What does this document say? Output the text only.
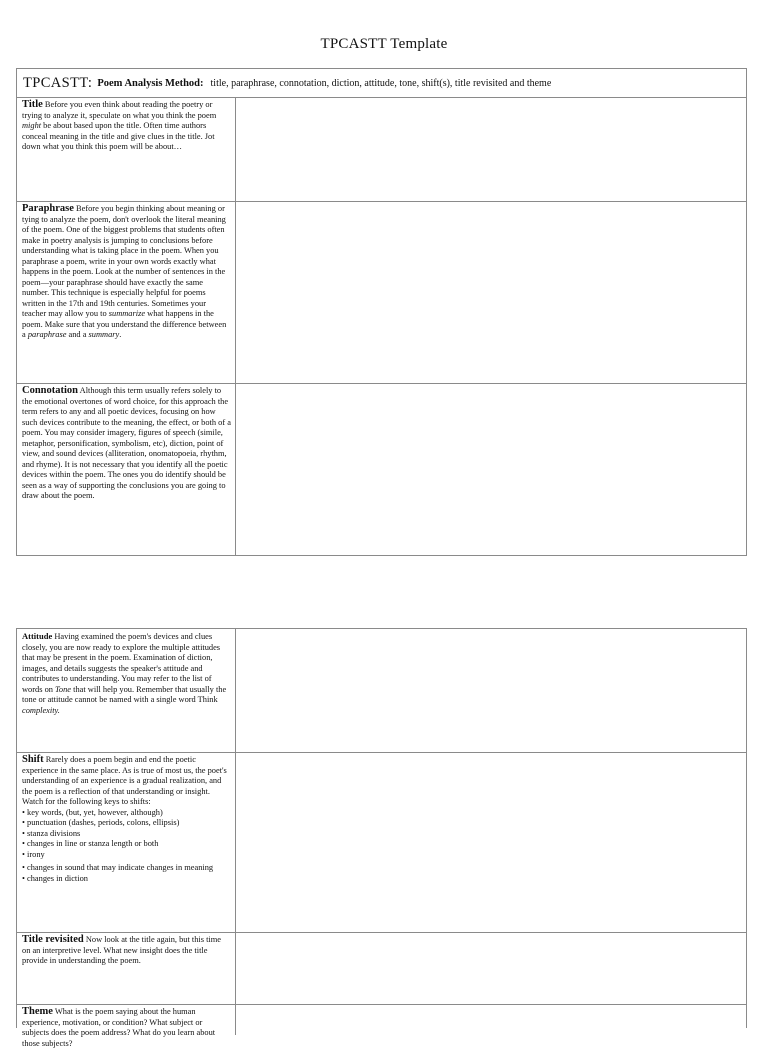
TPCASTT Template
TPCASTT: Poem Analysis Method: title, paraphrase, connotation, diction, attitude, tone, shift(s), title revisited and theme
Title Before you even think about reading the poetry or trying to analyze it, speculate on what you think the poem might be about based upon the title. Often time authors conceal meaning in the title and give clues in the title. Jot down what you think this poem will be about…
Paraphrase Before you begin thinking about meaning or tying to analyze the poem, don't overlook the literal meaning of the poem. One of the biggest problems that students often make in poetry analysis is jumping to conclusions before understanding what is taking place in the poem. When you paraphrase a poem, write in your own words exactly what happens in the poem. Look at the number of sentences in the poem—your paraphrase should have exactly the same number. This technique is especially helpful for poems written in the 17th and 19th centuries. Sometimes your teacher may allow you to summarize what happens in the poem. Make sure that you understand the difference between a paraphrase and a summary.
Connotation Although this term usually refers solely to the emotional overtones of word choice, for this approach the term refers to any and all poetic devices, focusing on how such devices contribute to the meaning, the effect, or both of a poem. You may consider imagery, figures of speech (simile, metaphor, personification, symbolism, etc), diction, point of view, and sound devices (alliteration, onomatopoeia, rhythm, and rhyme). It is not necessary that you identify all the poetic devices within the poem. The ones you do identify should be seen as a way of supporting the conclusions you are going to draw about the poem.
Attitude Having examined the poem's devices and clues closely, you are now ready to explore the multiple attitudes that may be present in the poem. Examination of diction, images, and details suggests the speaker's attitude and contributes to understanding. You may refer to the list of words on Tone that will help you. Remember that usually the tone or attitude cannot be named with a single word Think complexity.
Shift Rarely does a poem begin and end the poetic experience in the same place. As is true of most us, the poet's understanding of an experience is a gradual realization, and the poem is a reflection of that understanding or insight. Watch for the following keys to shifts:
• key words, (but, yet, however, although)
• punctuation (dashes, periods, colons, ellipsis)
• stanza divisions
• changes in line or stanza length or both
• irony
• changes in sound that may indicate changes in meaning
• changes in diction
Title revisited Now look at the title again, but this time on an interpretive level. What new insight does the title provide in understanding the poem.
Theme What is the poem saying about the human experience, motivation, or condition? What subject or subjects does the poem address? What do you learn about those subjects?
